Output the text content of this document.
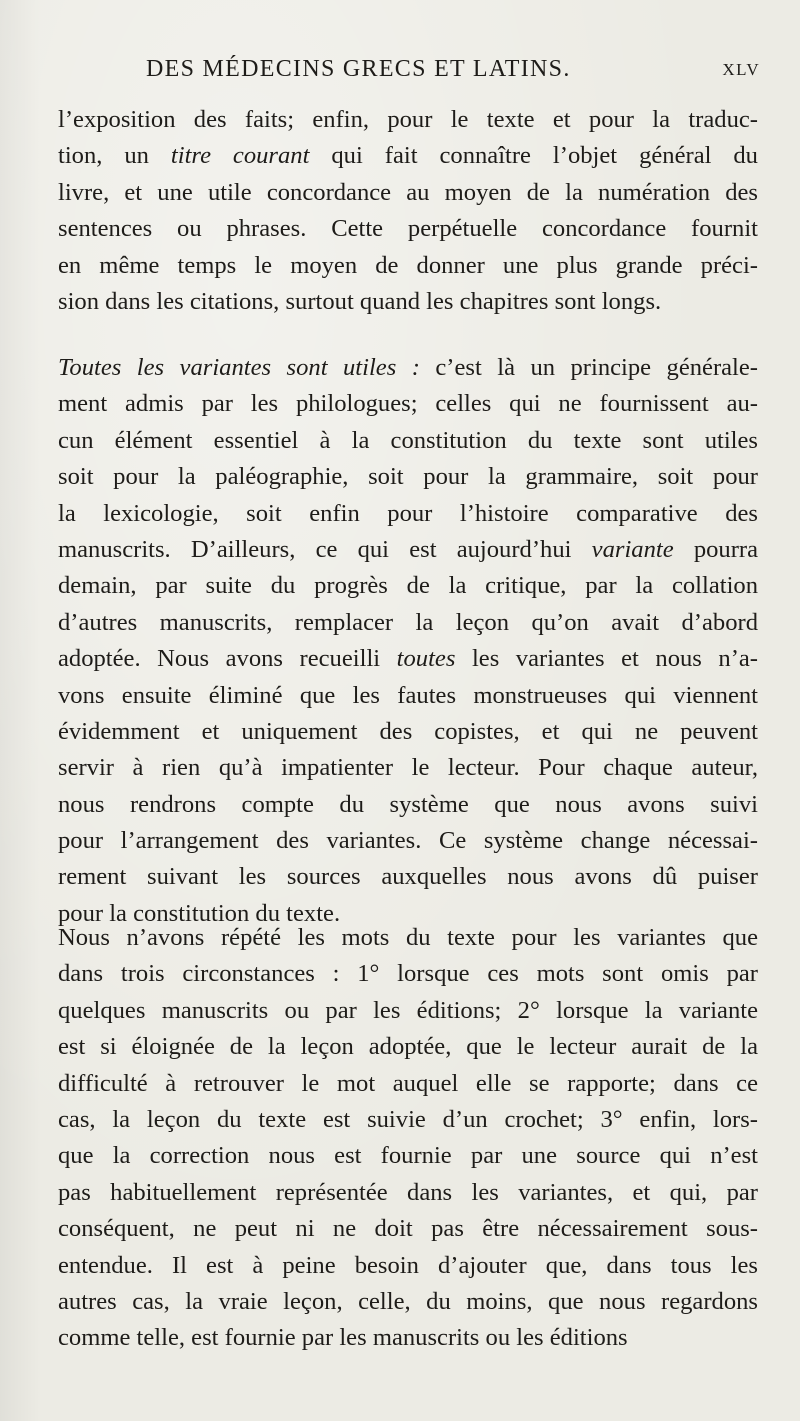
DES MÉDECINS GRECS ET LATINS.	XLV
l’exposition des faits; enfin, pour le texte et pour la traduc-
tion, un titre courant qui fait connaître l’objet général du
livre, et une utile concordance au moyen de la numération des
sentences ou phrases. Cette perpétuelle concordance fournit
en même temps le moyen de donner une plus grande préci-
sion dans les citations, surtout quand les chapitres sont longs.
Toutes les variantes sont utiles : c’est là un principe générale-
ment admis par les philologues; celles qui ne fournissent au-
cun élément essentiel à la constitution du texte sont utiles
soit pour la paléographie, soit pour la grammaire, soit pour
la lexicologie, soit enfin pour l’histoire comparative des
manuscrits. D’ailleurs, ce qui est aujourd’hui variante pourra
demain, par suite du progrès de la critique, par la collation
d’autres manuscrits, remplacer la leçon qu’on avait d’abord
adoptée. Nous avons recueilli toutes les variantes et nous n’a-
vons ensuite éliminé que les fautes monstrueuses qui viennent
évidemment et uniquement des copistes, et qui ne peuvent
servir à rien qu’à impatienter le lecteur. Pour chaque auteur,
nous rendrons compte du système que nous avons suivi
pour l’arrangement des variantes. Ce système change nécessai-
rement suivant les sources auxquelles nous avons dû puiser
pour la constitution du texte.
Nous n’avons répété les mots du texte pour les variantes que
dans trois circonstances : 1° lorsque ces mots sont omis par
quelques manuscrits ou par les éditions; 2° lorsque la variante
est si éloignée de la leçon adoptée, que le lecteur aurait de la
difficulté à retrouver le mot auquel elle se rapporte; dans ce
cas, la leçon du texte est suivie d’un crochet; 3° enfin, lors-
que la correction nous est fournie par une source qui n’est
pas habituellement représentée dans les variantes, et qui, par
conséquent, ne peut ni ne doit pas être nécessairement sous-
entendue. Il est à peine besoin d’ajouter que, dans tous les
autres cas, la vraie leçon, celle, du moins, que nous regardons
comme telle, est fournie par les manuscrits ou les éditions
